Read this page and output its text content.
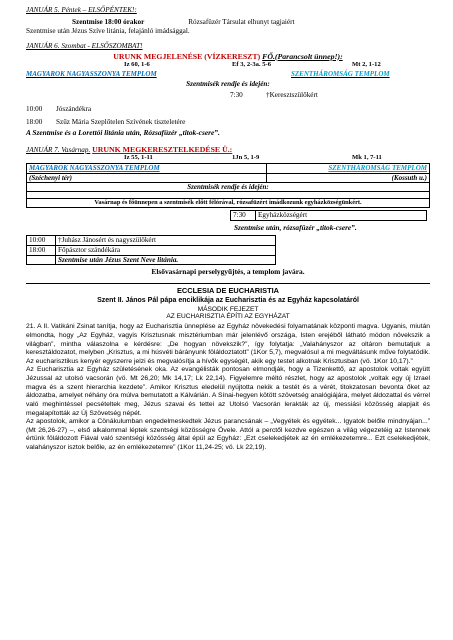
JANUÁR 5. Péntek – ELSŐPÉNTEK!:
Szentmise 18:00 órakor	Rózsafüzér Társulat elhunyt tagjaiért
Szentmise után Jézus Szíve litánia, felajánló imádsággal.
JANUÁR 6. Szombat - ELSŐSZOMBAT!
URUNK MEGJELENÉSE (VÍZKERESZT) FŐ.(Parancsolt ünnep!):
Iz 60, 1-6	Ef 3, 2-3a. 5-6	Mt 2, 1-12
MAGYAROK NAGYASSZONYA TEMPLOM	SZENTHÁROMSÁG TEMPLOM
Szentmisék rendje és idején:
7:30	†Keresztszülőkért
10:00	Jószándékra
18:00	Szűz Mária Szeplőtelen Szívének tiszteletére
A Szentmise és a Lorettói litánia után, Rózsafüzér „titok-csere”.
JANUÁR 7. Vasárnap. URUNK MEGKERESZTELKEDÉSE Ü.:
Iz 55, 1-11	1Jn 5, 1-9	Mk 1, 7-11
MAGYAROK NAGYASSZONYA TEMPLOM	SZENTHÁROMSÁG TEMPLOM
(Széchenyi tér)	(Kossuth u.)
Szentmisék rendje és idején:	

Vasárnap és főünnepen a szentmisék előtt félórával, rózsafüzért imádkozunk egyházközségünkért.	
7:30	Egyházközségért
Szentmise után, rózsafüzér „titok-csere”.
10:00	†Juhász Jánosért és nagyszülőkért
18:00	Főpásztor szándékára
	Szentmise után Jézus Szent Neve litánia.
Elsővasárnapi perselygyűjtés, a templom javára.
ECCLESIA DE EUCHARISTIA
Szent II. János Pál pápa enciklikája az Eucharisztia és az Egyház kapcsolatáról
MÁSODIK FEJEZET
AZ EUCHARISZTIA ÉPÍTI AZ EGYHÁZAT

21. A II. Vatikáni Zsinat tanítja, hogy az Eucharisztia ünneplése az Egyház növekedési folyamatának központi magva. Ugyanis, miután elmondta, hogy „Az Egyház, vagyis Krisztusnak misztériumban már jelenlévő országa, Isten erejéből látható módon növekszik a világban”, mintha válaszolna e kérdésre: „De hogyan növekszik?”, így folytatja: „Valahányszor az oltáron bemutatjuk a keresztáldozatot, melyben „Krisztus, a mi húsvéti bárányunk föláldoztatott” (1Kor 5,7), megvalósul a mi megváltásunk műve folytatódik. Az eucharisztikus kenyér egyszerre jelzi és megvalósítja a hívők egységét, akik egy testet alkotnak Krisztusban (vö. 1Kor 10,17).”

Az Eucharisztia az Egyház születésének oka. Az evangélisták pontosan elmondják, hogy a Tizenkettő, az apostolok voltak együtt Jézussal az utolsó vacsorán (vö. Mt 26,20; Mk 14,17; Lk 22,14). Figyelemre méltó részlet, hogy az apostolok „voltak egy új Izrael magva és a szent hierarchia kezdete”. Amikor Krisztus eledelül nyújtotta nekik a testét és a vérét, titokzatosan bevonta őket az áldozatba, amelyet néhány óra múlva bemutatott a Kálvárián. A Sínai-hegyen kötött szövetség analógiájára, melyet áldozattal és vérrel való meghintéssel pecsételtek meg, Jézus szavai és tettei az Utolsó Vacsorán lerakták az új, messiási közösség alapjait és megalapították az Új Szövetség népét.

Az apostolok, amikor a Cönákulumban engedelmeskedtek Jézus parancsának – „Vegyétek és egyétek... Igyatok belőle mindnyájan...” (Mt 26,26-27) –, első alkalommal léptek szentségi közösségre Övele. Attól a perctől kezdve egészen a világ végezetéig az Istennek értünk föláldozott Fiával való szentségi közösség által épül az Egyház: „Ezt cselekedjétek az én emlékezetemre... Ezt cselekedjétek, valahányszor isztok belőle, az én emlékezetemre” (1Kor 11,24-25; vö. Lk 22,19).
